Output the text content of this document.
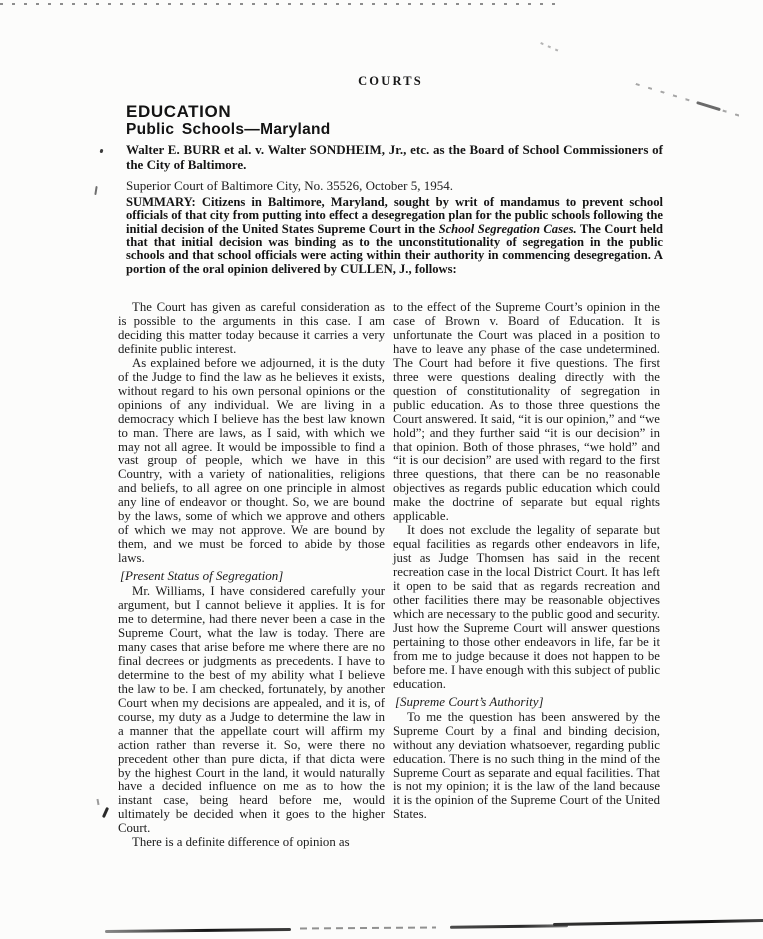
COURTS
EDUCATION
Public Schools—Maryland
Walter E. BURR et al. v. Walter SONDHEIM, Jr., etc. as the Board of School Commissioners of the City of Baltimore.
Superior Court of Baltimore City, No. 35526, October 5, 1954.
SUMMARY: Citizens in Baltimore, Maryland, sought by writ of mandamus to prevent school officials of that city from putting into effect a desegregation plan for the public schools following the initial decision of the United States Supreme Court in the School Segregation Cases. The Court held that that initial decision was binding as to the unconstitutionality of segregation in the public schools and that school officials were acting within their authority in commencing desegregation. A portion of the oral opinion delivered by CULLEN, J., follows:

The Court has given as careful consideration as is possible to the arguments in this case. I am deciding this matter today because it carries a very definite public interest.

As explained before we adjourned, it is the duty of the Judge to find the law as he believes it exists, without regard to his own personal opinions or the opinions of any individual. We are living in a democracy which I believe has the best law known to man. There are laws, as I said, with which we may not all agree. It would be impossible to find a vast group of people, which we have in this Country, with a variety of nationalities, religions and beliefs, to all agree on one principle in almost any line of endeavor or thought. So, we are bound by the laws, some of which we approve and others of which we may not approve. We are bound by them, and we must be forced to abide by those laws.

[Present Status of Segregation]

Mr. Williams, I have considered carefully your argument, but I cannot believe it applies. It is for me to determine, had there never been a case in the Supreme Court, what the law is today. There are many cases that arise before me where there are no final decrees or judgments as precedents. I have to determine to the best of my ability what I believe the law to be. I am checked, fortunately, by another Court when my decisions are appealed, and it is, of course, my duty as a Judge to determine the law in a manner that the appellate court will affirm my action rather than reverse it. So, were there no precedent other than pure dicta, if that dicta were by the highest Court in the land, it would naturally have a decided influence on me as to how the instant case, being heard before me, would ultimately be decided when it goes to the higher Court.

There is a definite difference of opinion as

to the effect of the Supreme Court’s opinion in the case of Brown v. Board of Education. It is unfortunate the Court was placed in a position to have to leave any phase of the case undetermined. The Court had before it five questions. The first three were questions dealing directly with the question of constitutionality of segregation in public education. As to those three questions the Court answered. It said, “it is our opinion,” and “we hold”; and they further said “it is our decision” in that opinion. Both of those phrases, “we hold” and “it is our decision” are used with regard to the first three questions, that there can be no reasonable objectives as regards public education which could make the doctrine of separate but equal rights applicable.

It does not exclude the legality of separate but equal facilities as regards other endeavors in life, just as Judge Thomsen has said in the recent recreation case in the local District Court. It has left it open to be said that as regards recreation and other facilities there may be reasonable objectives which are necessary to the public good and security. Just how the Supreme Court will answer questions pertaining to those other endeavors in life, far be it from me to judge because it does not happen to be before me. I have enough with this subject of public education.

[Supreme Court’s Authority]

To me the question has been answered by the Supreme Court by a final and binding decision, without any deviation whatsoever, regarding public education. There is no such thing in the mind of the Supreme Court as separate and equal facilities. That is not my opinion; it is the law of the land because it is the opinion of the Supreme Court of the United States.
